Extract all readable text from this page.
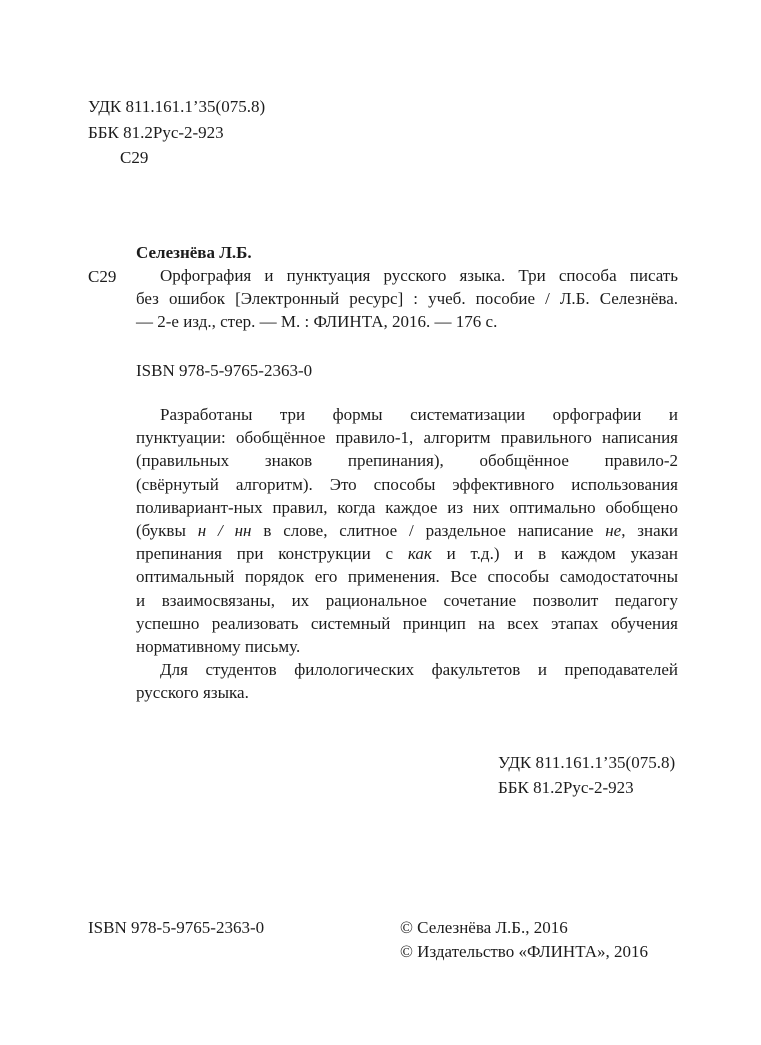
УДК 811.161.1’35(075.8)
ББК 81.2Рус-2-923
С29
Селезнёва Л.Б.
С29	Орфография и пунктуация русского языка. Три способа писать
без ошибок [Электронный ресурс] : учеб. пособие / Л.Б. Селезнёва.
— 2-е изд., стер. — М. : ФЛИНТА, 2016. — 176 с.
ISBN 978-5-9765-2363-0
Разработаны три формы систематизации орфографии и
пунктуации: обобщённое правило-1, алгоритм правильного написания
(правильных знаков препинания), обобщённое правило-2
(свёрнутый алгоритм). Это способы эффективного использования
поливариант-ных правил, когда каждое из них оптимально обобщено
(буквы н / нн в слове, слитное / раздельное написание не, знаки
препинания при конструкции с как и т.д.) и в каждом указан
оптимальный порядок его применения. Все способы самодостаточны
и взаимосвязаны, их рациональное сочетание позволит педагогу
успешно реализовать системный принцип на всех этапах обучения
нормативному письму.
Для студентов филологических факультетов и преподавателей
русского языка.
УДК 811.161.1’35(075.8)
ББК 81.2Рус-2-923
ISBN 978-5-9765-2363-0	© Селезнёва Л.Б., 2016
© Издательство «ФЛИНТА», 2016
